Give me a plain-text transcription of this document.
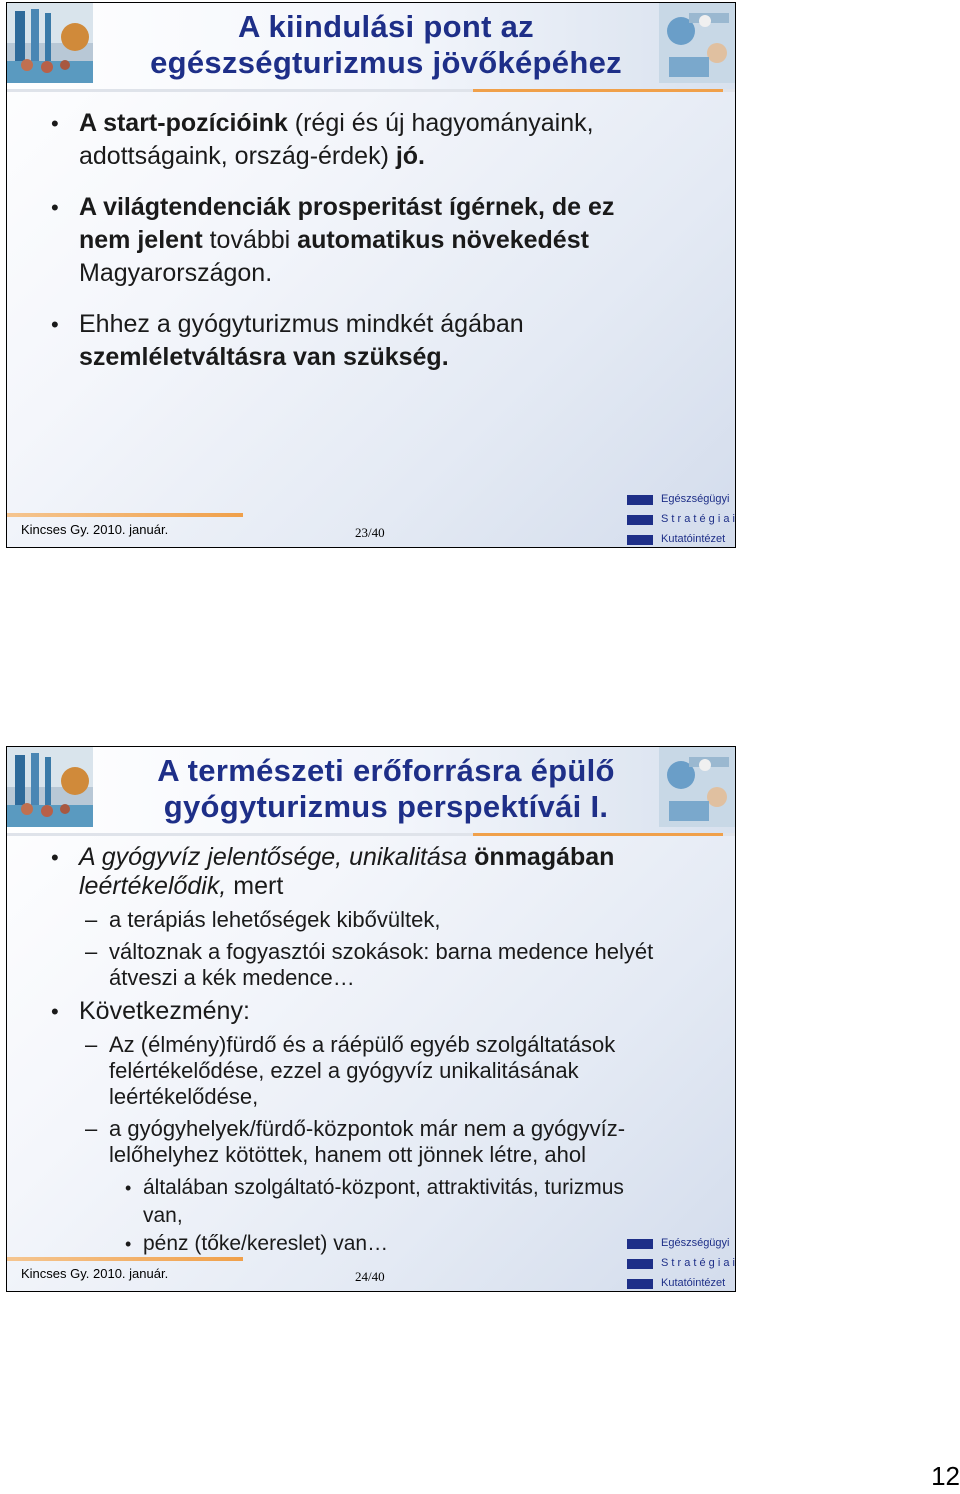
A kiindulási pont az
egészségturizmus jövőképéhez
• A start-pozícióink (régi és új hagyományaink, adottságaink, ország-érdek) jó.
• A világtendenciák prosperitást ígérnek, de ez nem jelent további automatikus növekedést Magyarországon.
• Ehhez a gyógyturizmus mindkét ágában szemléletváltásra van szükség.
Kincses Gy. 2010. január.	23/40
Egészségügyi
S t r a t é g i a i
Kutatóintézet
A természeti erőforrásra épülő
gyógyturizmus perspektívái I.
• A gyógyvíz jelentősége, unikalitása önmagában
leértékelődik, mert
– a terápiás lehetőségek kibővültek,
– változnak a fogyasztói szokások: barna medence helyét átveszi a kék medence…
• Következmény:
– Az (élmény)fürdő és a ráépülő egyéb szolgáltatások felértékelődése, ezzel a gyógyvíz unikalitásának leértékelődése,
– a gyógyhelyek/fürdő-központok már nem a gyógyvíz-lelőhelyhez kötöttek, hanem ott jönnek létre, ahol
• általában szolgáltató-központ, attraktivitás, turizmus van,
• pénz (tőke/kereslet) van…
Kincses Gy. 2010. január.	24/40
Egészségügyi
S t r a t é g i a i
Kutatóintézet
12
